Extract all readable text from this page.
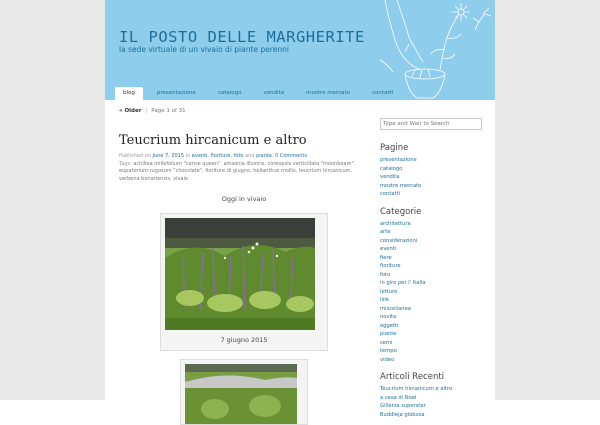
IL POSTO DELLE MARGHERITE

la sede virtuale di un vivaio di piante perenni

blog	presentazione	catalogo	vendita	mostre mercato	contatti
« Older | Page 1 of 31
Teucrium hircanicum e altro
Published on June 7, 2015 in eventi, fioriture, foto and piante. 0 Comments
Tags: achillea millefolium "cerise queen", amsonia illustris, coreopsis verticillata "moonbeam", eupatorium rugosum "chocolate", fioriture di giugno, helianthus mollis, teucrium hircanicum, verbena bonariensis, vivaio
Oggi in vivaio
7 giugno 2015
Type and Wait to Search
Pagine
presentazione
catalogo
vendita
mostre mercato
contatti
Categorie
architettura
arte
considerazioni
eventi
fiere
fioriture
foto
in giro per l' Italia
letture
link
miscellanea
novita
oggetti
piante
semi
tempo
video
Articoli Recenti
Teucrium hircanicum e altro
a casa di Noel
Gillenia superstar
Buddleja globosa
